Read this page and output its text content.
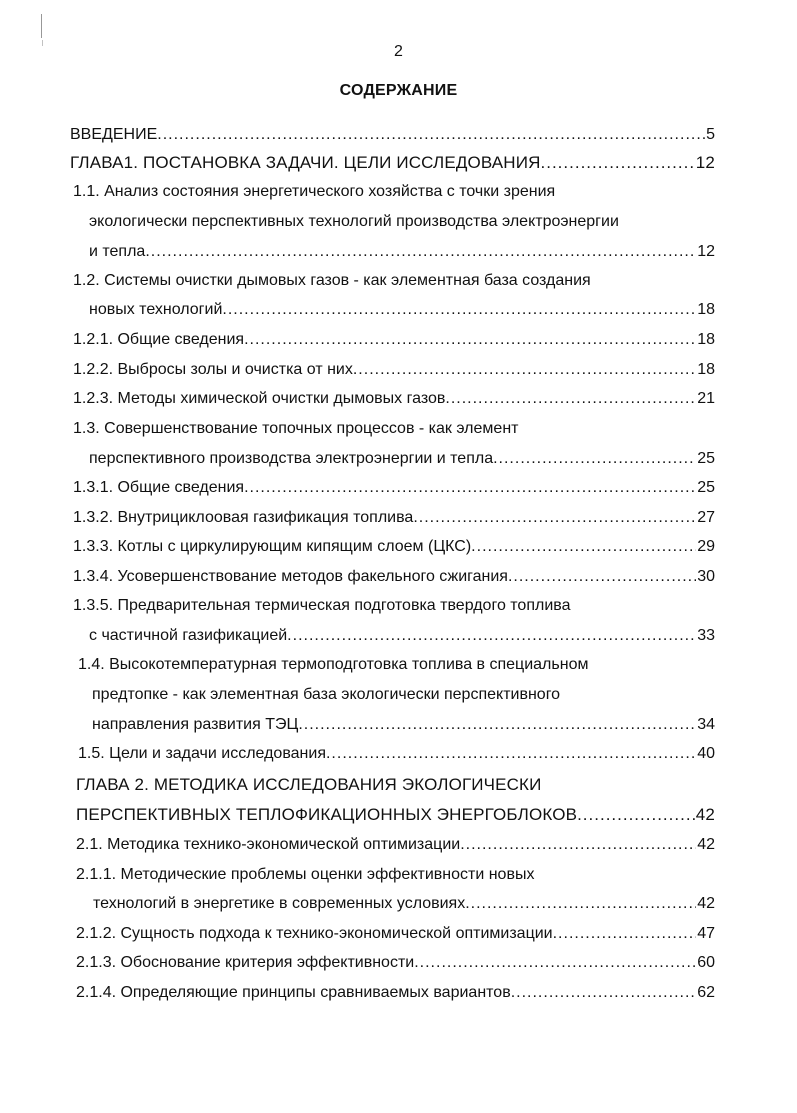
2
СОДЕРЖАНИЕ
ВВЕДЕНИЕ .....	5
ГЛАВА1. ПОСТАНОВКА ЗАДАЧИ. ЦЕЛИ ИССЛЕДОВАНИЯ .....	12
1.1. Анализ состояния энергетического хозяйства с точки зрения
экологически перспективных технологий производства электроэнергии
и тепла .....	12
1.2. Системы очистки дымовых газов - как элементная база создания
новых технологий .....	18
1.2.1. Общие сведения .....	18
1.2.2. Выбросы золы и очистка от них .....	18
1.2.3. Методы химической очистки дымовых газов .....	21
1.3. Совершенствование топочных процессов - как элемент
перспективного производства электроэнергии и тепла .....	25
1.3.1. Общие сведения .....	25
1.3.2. Внутрициклоовая газификация топлива .....	27
1.3.3. Котлы с циркулирующим кипящим слоем (ЦКС) .....	29
1.3.4. Усовершенствование методов факельного сжигания .....	30
1.3.5. Предварительная термическая подготовка твердого топлива
с частичной газификацией .....	33
1.4. Высокотемпературная термоподготовка топлива в специальном
предтопке - как элементная база экологически перспективного
направления развития ТЭЦ .....	34
1.5. Цели и задачи исследования .....	40
ГЛАВА 2. МЕТОДИКА ИССЛЕДОВАНИЯ ЭКОЛОГИЧЕСКИ
ПЕРСПЕКТИВНЫХ ТЕПЛОФИКАЦИОННЫХ ЭНЕРГОБЛОКОВ .....	42
2.1. Методика технико-экономической оптимизации .....	42
2.1.1. Методические проблемы оценки эффективности новых
технологий в энергетике в современных условиях .....	42
2.1.2. Сущность подхода к технико-экономической оптимизации .....	47
2.1.3. Обоснование критерия эффективности .....	60
2.1.4. Определяющие принципы сравниваемых вариантов .....	62
